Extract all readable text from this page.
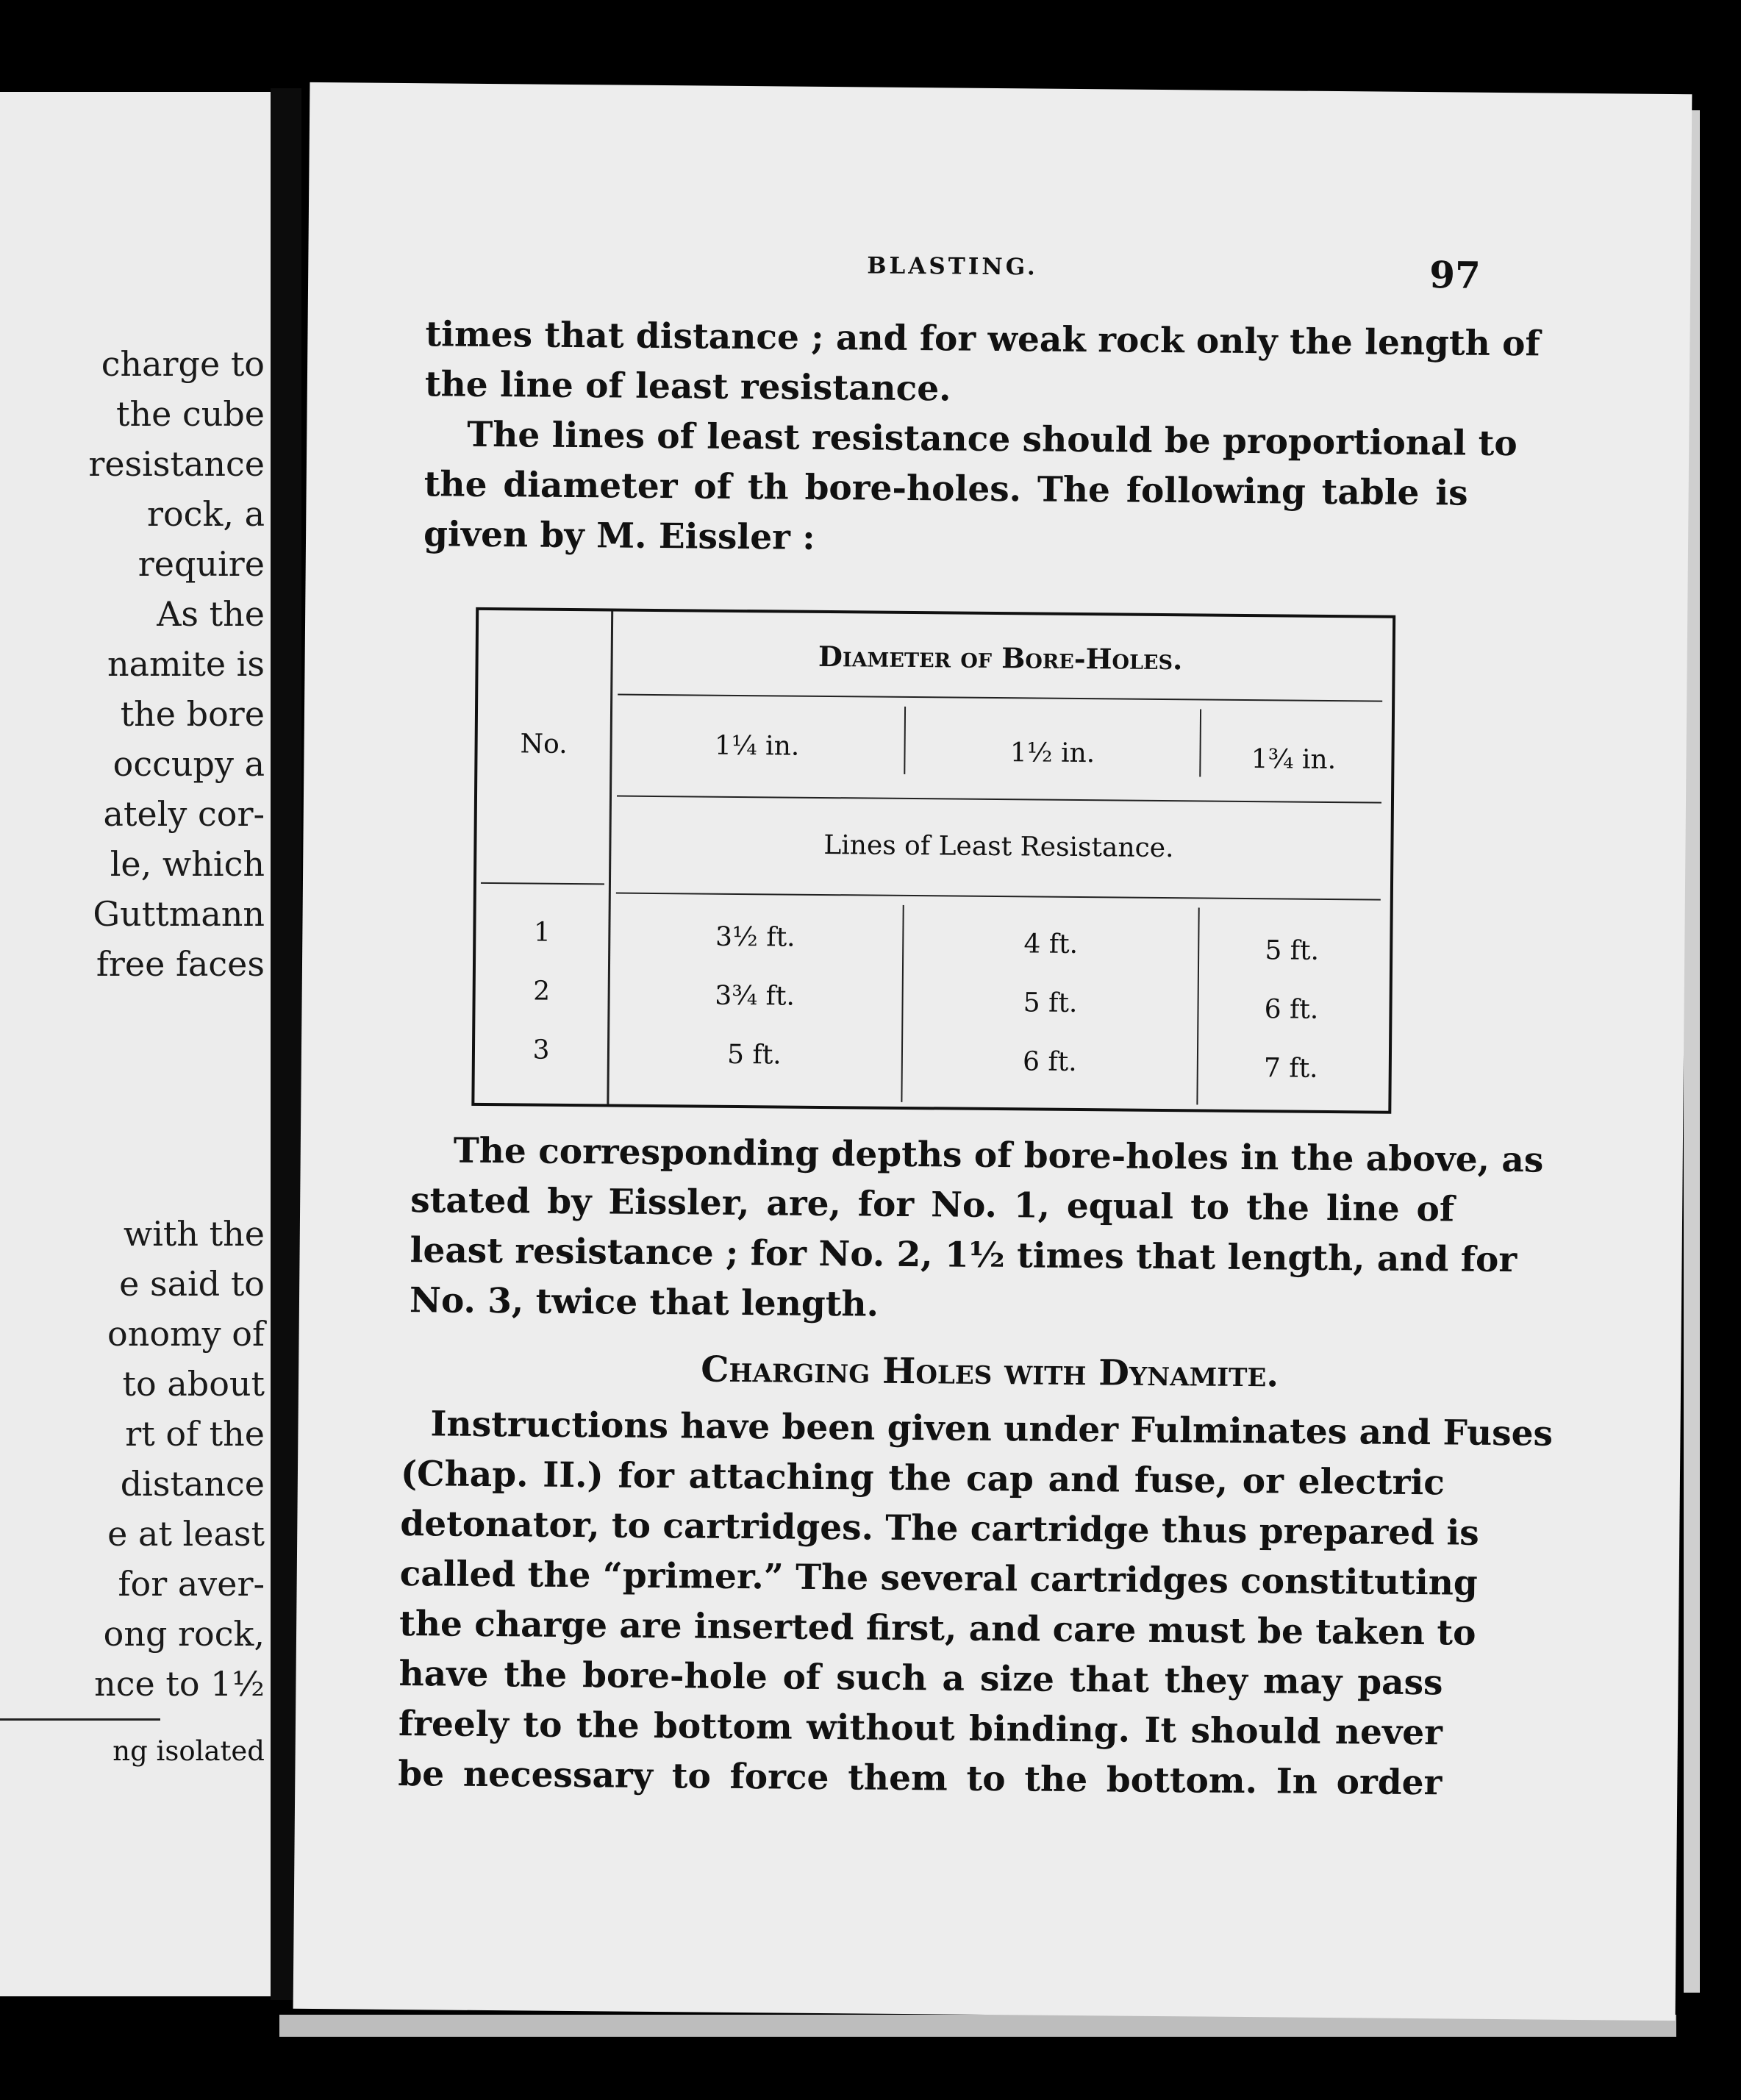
charge to
the cube
resistance
rock, a
require
As the
namite is
the bore
occupy a
ately cor-
le, which
Guttmann
free faces
with the
e said to
onomy of
to about
rt of the
distance
e at least
for aver-
ong rock,
nce to 1½
ng isolated
BLASTING.	97
times that distance ; and for weak rock only the length of
the line of least resistance.
The lines of least resistance should be proportional to
the diameter of th bore-holes. The following table is
given by M. Eissler :
No.
Diameter of Bore-Holes.
1¼ in.	1½ in.	1¾ in.
Lines of Least Resistance.
1	3½ ft.	4 ft.	5 ft.
2	3¾ ft.	5 ft.	6 ft.
3	5 ft.	6 ft.	7 ft.
The corresponding depths of bore-holes in the above, as
stated by Eissler, are, for No. 1, equal to the line of
least resistance ; for No. 2, 1½ times that length, and for
No. 3, twice that length.
Charging Holes with Dynamite.
Instructions have been given under Fulminates and Fuses
(Chap. II.) for attaching the cap and fuse, or electric
detonator, to cartridges. The cartridge thus prepared is
called the “primer.” The several cartridges constituting
the charge are inserted first, and care must be taken to
have the bore-hole of such a size that they may pass
freely to the bottom without binding. It should never
be necessary to force them to the bottom. In order
